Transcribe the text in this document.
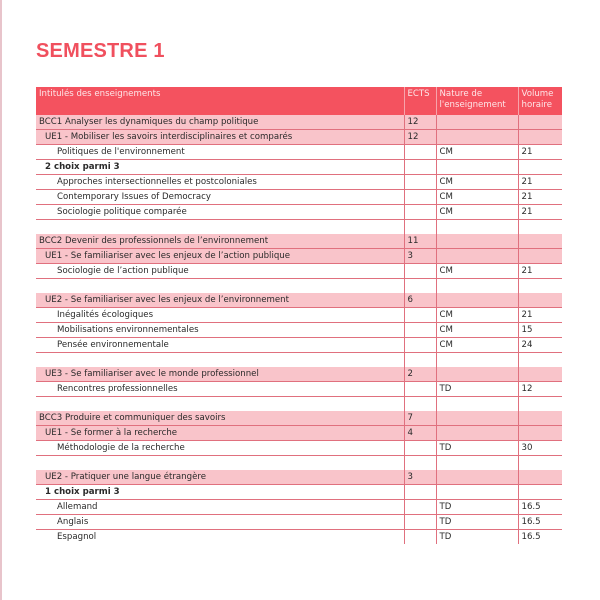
SEMESTRE 1
Intitulés des enseignements	ECTS	Nature de l'enseignement	Volume horaire
BCC1 Analyser les dynamiques du champ politique	12		
UE1 - Mobiliser les savoirs interdisciplinaires et comparés	12		
Politiques de l'environnement		CM	21
2 choix parmi 3			
Approches intersectionnelles et postcoloniales		CM	21
Contemporary Issues of Democracy		CM	21
Sociologie politique comparée		CM	21

BCC2 Devenir des professionnels de l’environnement	11		
UE1 - Se familiariser avec les enjeux de l’action publique	3		
Sociologie de l’action publique		CM	21

UE2 - Se familiariser avec les enjeux de l’environnement	6		
Inégalités écologiques		CM	21
Mobilisations environnementales		CM	15
Pensée environnementale		CM	24

UE3 - Se familiariser avec le monde professionnel	2		
Rencontres professionnelles		TD	12

BCC3 Produire et communiquer des savoirs	7		
UE1 - Se former à la recherche	4		
Méthodologie de la recherche		TD	30

UE2 - Pratiquer une langue étrangère	3		
1 choix parmi 3			
Allemand		TD	16.5
Anglais		TD	16.5
Espagnol		TD	16.5
